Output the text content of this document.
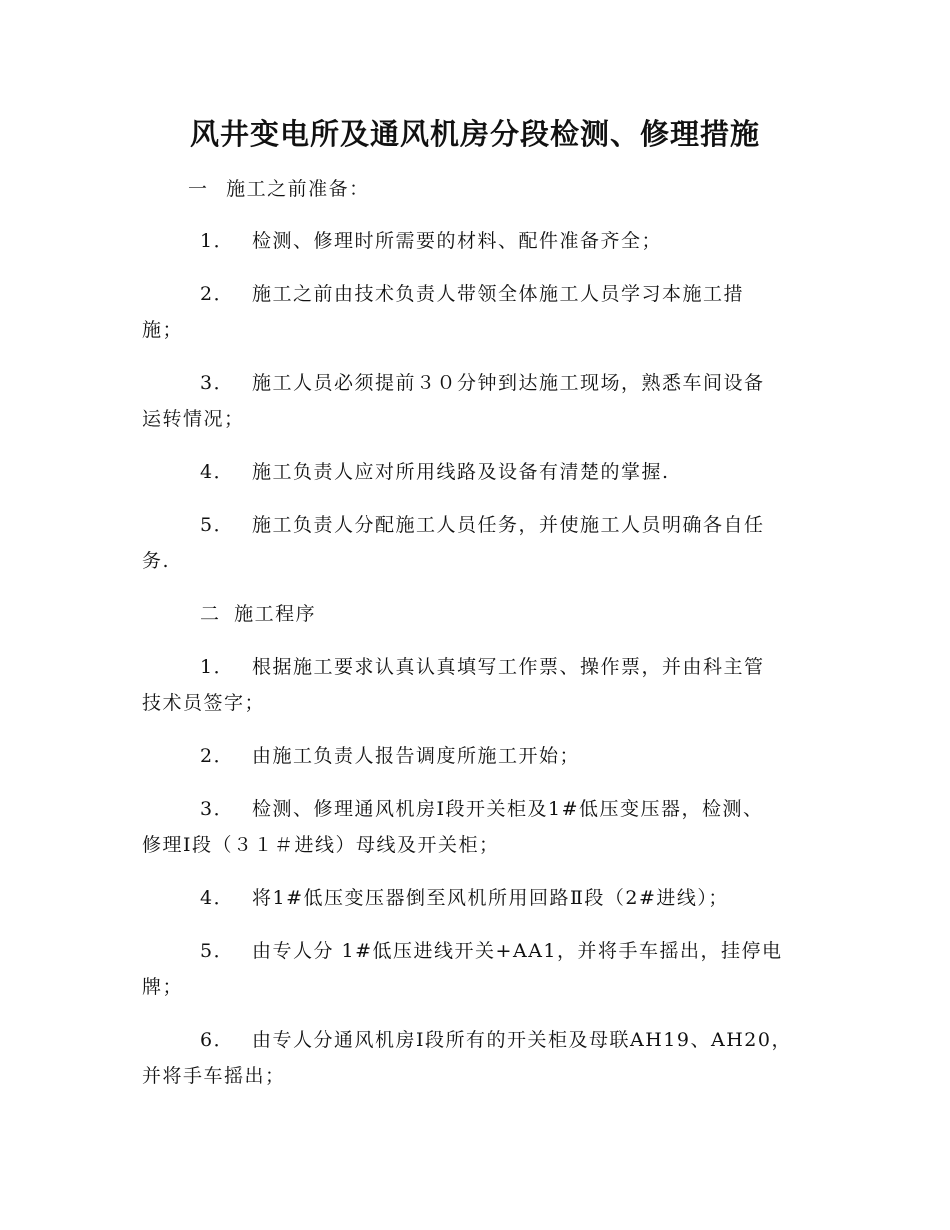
风井变电所及通风机房分段检测、修理措施
一 施工之前准备：
1． 检测、修理时所需要的材料、配件准备齐全；
2． 施工之前由技术负责人带领全体施工人员学习本施工措
施；
3． 施工人员必须提前３０分钟到达施工现场，熟悉车间设备
运转情况；
4． 施工负责人应对所用线路及设备有清楚的掌握.
5． 施工负责人分配施工人员任务，并使施工人员明确各自任
务.
二 施工程序
1． 根据施工要求认真认真填写工作票、操作票，并由科主管
技术员签字；
2． 由施工负责人报告调度所施工开始；
3． 检测、修理通风机房Ⅰ段开关柜及1#低压变压器，检测、
修理Ⅰ段（３１＃进线）母线及开关柜；
4． 将1#低压变压器倒至风机所用回路Ⅱ段（2#进线）；
5． 由专人分 1#低压进线开关+AA1，并将手车摇出，挂停电
牌；
6． 由专人分通风机房Ⅰ段所有的开关柜及母联AH19、AH20，
并将手车摇出；
